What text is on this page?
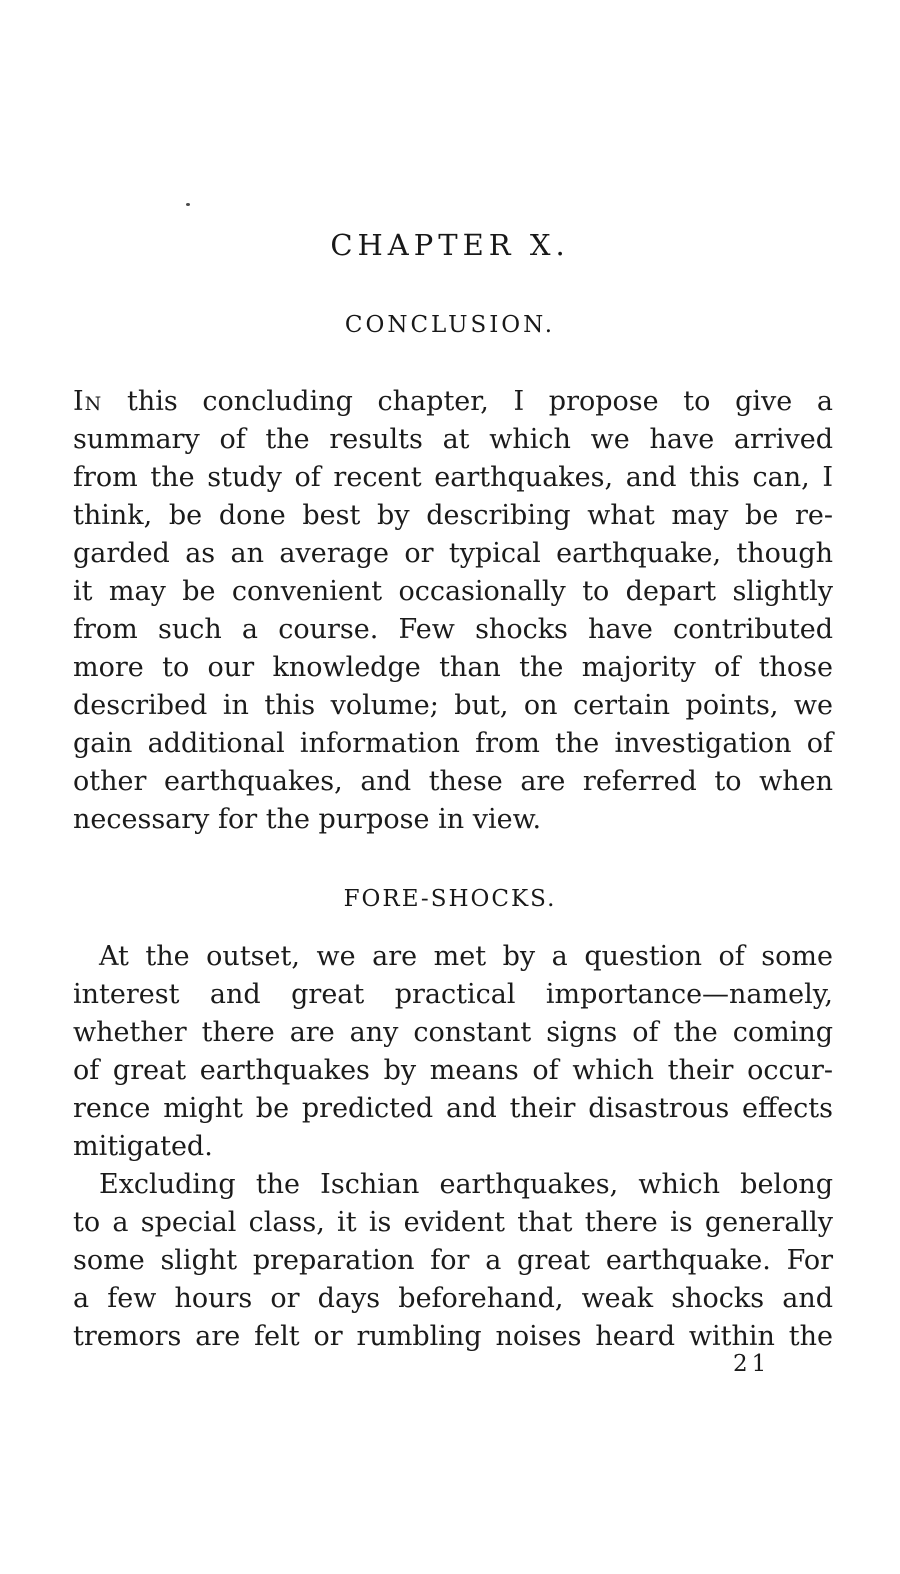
CHAPTER X.
CONCLUSION.
In this concluding chapter, I propose to give a
summary of the results at which we have arrived
from the study of recent earthquakes, and this can, I
think, be done best by describing what may be re-
garded as an average or typical earthquake, though
it may be convenient occasionally to depart slightly
from such a course. Few shocks have contributed
more to our knowledge than the majority of those
described in this volume; but, on certain points, we
gain additional information from the investigation of
other earthquakes, and these are referred to when
necessary for the purpose in view.
FORE-SHOCKS.
At the outset, we are met by a question of some
interest and great practical importance—namely,
whether there are any constant signs of the coming
of great earthquakes by means of which their occur-
rence might be predicted and their disastrous effects
mitigated.
Excluding the Ischian earthquakes, which belong
to a special class, it is evident that there is generally
some slight preparation for a great earthquake. For
a few hours or days beforehand, weak shocks and
tremors are felt or rumbling noises heard within the
21
